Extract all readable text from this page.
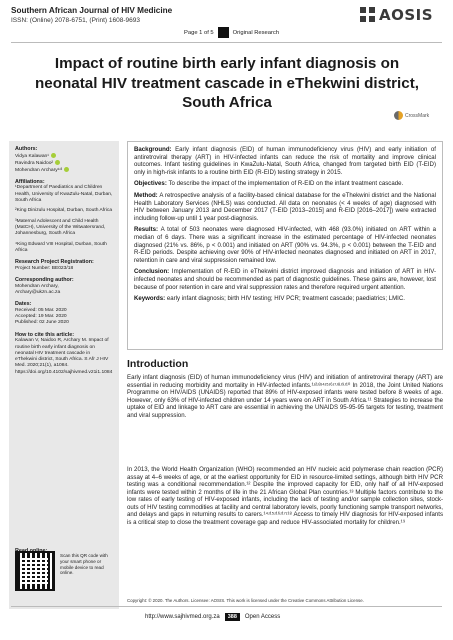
Southern African Journal of HIV Medicine
ISSN: (Online) 2078-6751, (Print) 1608-9693	AOSIS
Page 1 of 5	Original Research
Impact of routine birth early infant diagnosis on neonatal HIV treatment cascade in eThekwini district, South Africa
CrossMark
Authors:
Vidya Kalawan¹
Ravindra Naidoo²
Mohendran Archary¹ʴ³
Affiliations:
¹Department of Paediatrics and Children Health, University of KwaZulu-Natal, Durban, South Africa
²King Dinizulu Hospital, Durban, South Africa
³Maternal Adolescent and Child Health (MatCH), University of the Witwatersrand, Johannesburg, South Africa
⁴King Edward VIII Hospital, Durban, South Africa
Research Project Registration:
Project Number: BE023/18
Corresponding author:
Mohendran Archary,
Archary@ukzn.ac.za
Dates:
Received: 05 Mar. 2020
Accepted: 19 Mar. 2020
Published: 02 June 2020
How to cite this article:
Kalawan V, Naidoo R, Archary M. Impact of routine birth early infant diagnosis on neonatal HIV treatment cascade in eThekwini district, South Africa. S Afr J HIV Med. 2020;21(1), a1084. https://doi.org/10.4102/sajhivmed.v21i1.1084
Scan this QR code with your smart phone or mobile device to read online.

Background: Early infant diagnosis (EID) of human immunodeficiency virus (HIV) and early initiation of antiretroviral therapy (ART) in HIV-infected infants can reduce the risk of mortality and improve clinical outcomes. Infant testing guidelines in KwaZulu-Natal, South Africa, changed from targeted birth EID (T-EID) only in high-risk infants to a routine birth EID (R-EID) testing strategy in 2015.

Objectives: To describe the impact of the implementation of R-EID on the infant treatment cascade.

Method: A retrospective analysis of a facility-based clinical database for the eThekwini district and the National Health Laboratory Services (NHLS) was conducted. All data on neonates (< 4 weeks of age) diagnosed with HIV between January 2013 and December 2017 (T-EID [2013–2015] and R-EID [2016–2017]) were extracted including follow-up until 1 year post-diagnosis.

Results: A total of 503 neonates were diagnosed HIV-infected, with 468 (93.0%) initiated on ART within a median of 6 days. There was a significant increase in the estimated percentage of HIV-infected neonates diagnosed (21% vs. 86%, p < 0.001) and initiated on ART (90% vs. 94.3%, p < 0.001) between the T-EID and R-EID periods. Despite achieving over 90% of HIV-infected neonates diagnosed and initiated on ART in 2017, retention in care and viral suppression remained low.

Conclusion: Implementation of R-EID in eThekwini district improved diagnosis and initiation of ART in HIV-infected neonates and should be recommended as part of diagnostic guidelines. These gains are, however, lost because of poor retention in care and viral suppression rates and therefore required urgent attention.

Keywords: early infant diagnosis; birth HIV testing; HIV PCR; treatment cascade; paediatrics; LMIC.

Introduction

Early infant diagnosis (EID) of human immunodeficiency virus (HIV) and initiation of antiretroviral therapy (ART) are essential in reducing morbidity and mortality in HIV-infected infants.¹ʴ²ʴ³ʴ⁴ʴ⁵ʴ⁶ʴ⁷ʴ⁸ʴ⁹ʴ¹⁰ In 2018, the Joint United Nations Programme on HIV/AIDS (UNAIDS) reported that 89% of HIV-exposed infants were tested before 8 weeks of age. However, only 63% of HIV-infected children under 14 years were on ART in South Africa.¹¹ Strategies to increase the uptake of EID and linkage to ART care are essential in achieving the UNAIDS 95-95-95 targets for testing, treatment and viral suppression.

In 2013, the World Health Organization (WHO) recommended an HIV nucleic acid polymerase chain reaction (PCR) assay at 4–6 weeks of age, or at the earliest opportunity for EID in resource-limited settings, although birth HIV PCR testing was a conditional recommendation.¹² Despite the improved capacity for EID, only half of all HIV-exposed infants were tested within 2 months of life in the 21 African Global Plan countries.¹³ Multiple factors contribute to the low rates of early testing of HIV-exposed infants, including the lack of testing and/or sample collection sites, stock-outs of HIV testing commodities at facility and central laboratory levels, poorly functioning sample transport networks, and delays and gaps in returning results to carers.¹⁴ʴ¹⁵ʴ¹⁶ʴ¹⁷ʴ¹⁸ Access to timely HIV diagnosis for HIV-exposed infants is a critical step to close the treatment coverage gap and reduce HIV-associated mortality for children.¹⁹

Copyright: © 2020. The Authors. Licensee: AOSIS. This work is licensed under the Creative Commons Attribution License.
http://www.sajhivmed.org.za	388	Open Access
